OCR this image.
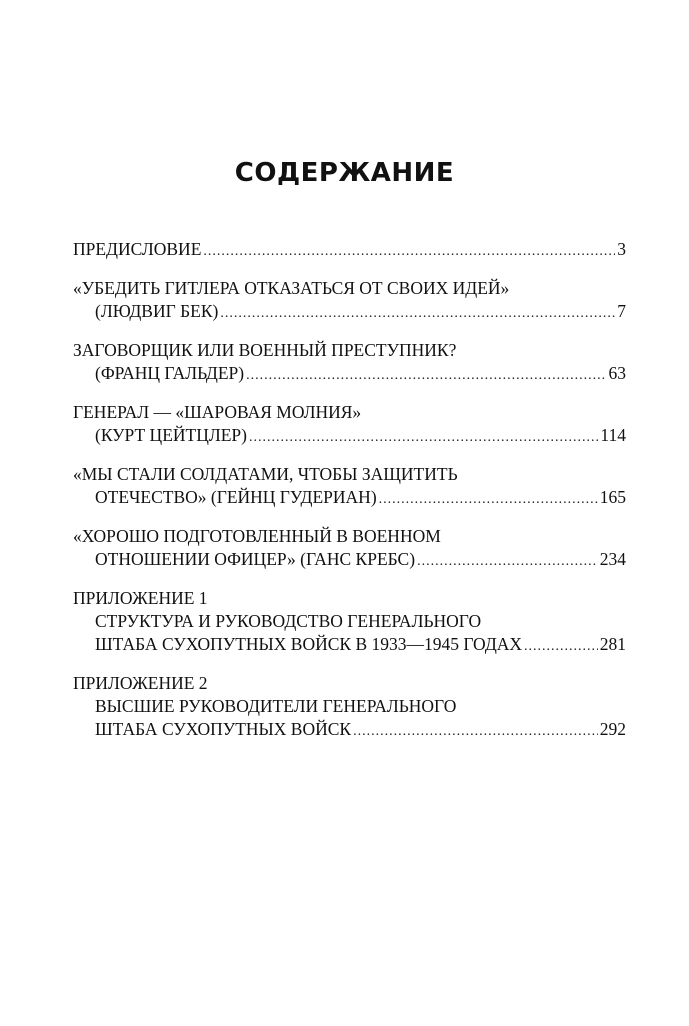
СОДЕРЖАНИЕ
ПРЕДИСЛОВИЕ .....	3
«УБЕДИТЬ ГИТЛЕРА ОТКАЗАТЬСЯ ОТ СВОИХ ИДЕЙ»
(ЛЮДВИГ БЕК) .....	7
ЗАГОВОРЩИК ИЛИ ВОЕННЫЙ ПРЕСТУПНИК?
(ФРАНЦ ГАЛЬДЕР) .....	63
ГЕНЕРАЛ — «ШАРОВАЯ МОЛНИЯ»
(КУРТ ЦЕЙТЦЛЕР) .....	114
«МЫ СТАЛИ СОЛДАТАМИ, ЧТОБЫ ЗАЩИТИТЬ
ОТЕЧЕСТВО» (ГЕЙНЦ ГУДЕРИАН) .....	165
«ХОРОШО ПОДГОТОВЛЕННЫЙ В ВОЕННОМ
ОТНОШЕНИИ ОФИЦЕР» (ГАНС КРЕБС) .....	234
ПРИЛОЖЕНИЕ 1
СТРУКТУРА И РУКОВОДСТВО ГЕНЕРАЛЬНОГО
ШТАБА СУХОПУТНЫХ ВОЙСК В 1933—1945 ГОДАХ .....	281
ПРИЛОЖЕНИЕ 2
ВЫСШИЕ РУКОВОДИТЕЛИ ГЕНЕРАЛЬНОГО
ШТАБА СУХОПУТНЫХ ВОЙСК .....	292
